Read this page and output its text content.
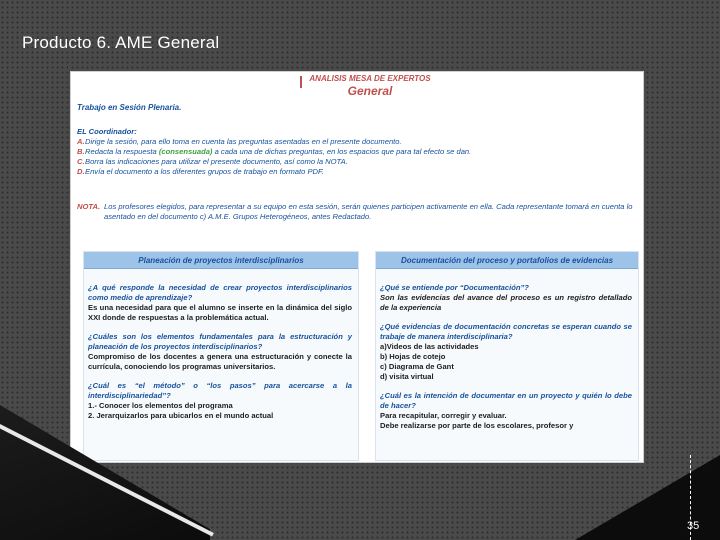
Producto 6. AME General
ANALISIS MESA DE EXPERTOS
General
Trabajo en Sesión Plenaria.
EL Coordinador:
A. Dirige la sesión, para ello toma en cuenta las preguntas asentadas en el presente documento.
B. Redacta la respuesta (consensuada) a cada una de dichas preguntas, en los espacios que para tal efecto se dan.
C. Borra las indicaciones para utilizar el presente documento, así como la NOTA.
D. Envía el documento a los diferentes grupos de trabajo en formato PDF.
NOTA. Los profesores elegidos, para representar a su equipo en esta sesión, serán quienes participen activamente en ella. Cada representante tomará en cuenta lo asentado en del documento c) A.M.E. Grupos Heterogéneos, antes Redactado.
Planeación de proyectos interdisciplinarios
¿A qué responde la necesidad de crear proyectos interdisciplinarios como medio de aprendizaje?
Es una necesidad para que el alumno se inserte en la dinámica del siglo XXI donde de respuestas a la problemática actual.
¿Cuáles son los elementos fundamentales para la estructuración y planeación de los proyectos interdisciplinarios?
Compromiso de los docentes a genera una estructuración y conecte la currícula, conociendo los programas universitarios.
¿Cuál es “el método” o “los pasos” para acercarse a la interdisciplinariedad”?
1.- Conocer los elementos del programa
2. Jerarquizarlos para ubicarlos en el mundo actual
Documentación del proceso y portafolios de evidencias
¿Qué se entiende por “Documentación”?
Son las evidencias del avance del proceso es un registro detallado de la experiencia
¿Qué evidencias de documentación concretas se esperan cuando se trabaje de manera interdisciplinaria?
a)Videos de las actividades
b) Hojas de cotejo
c) Diagrama de Gant
d) visita virtual
¿Cuál es la intención de documentar en un proyecto y quién lo debe de hacer?
Para recapitular, corregir y evaluar.
Debe realizarse por parte de los escolares, profesor y
35
